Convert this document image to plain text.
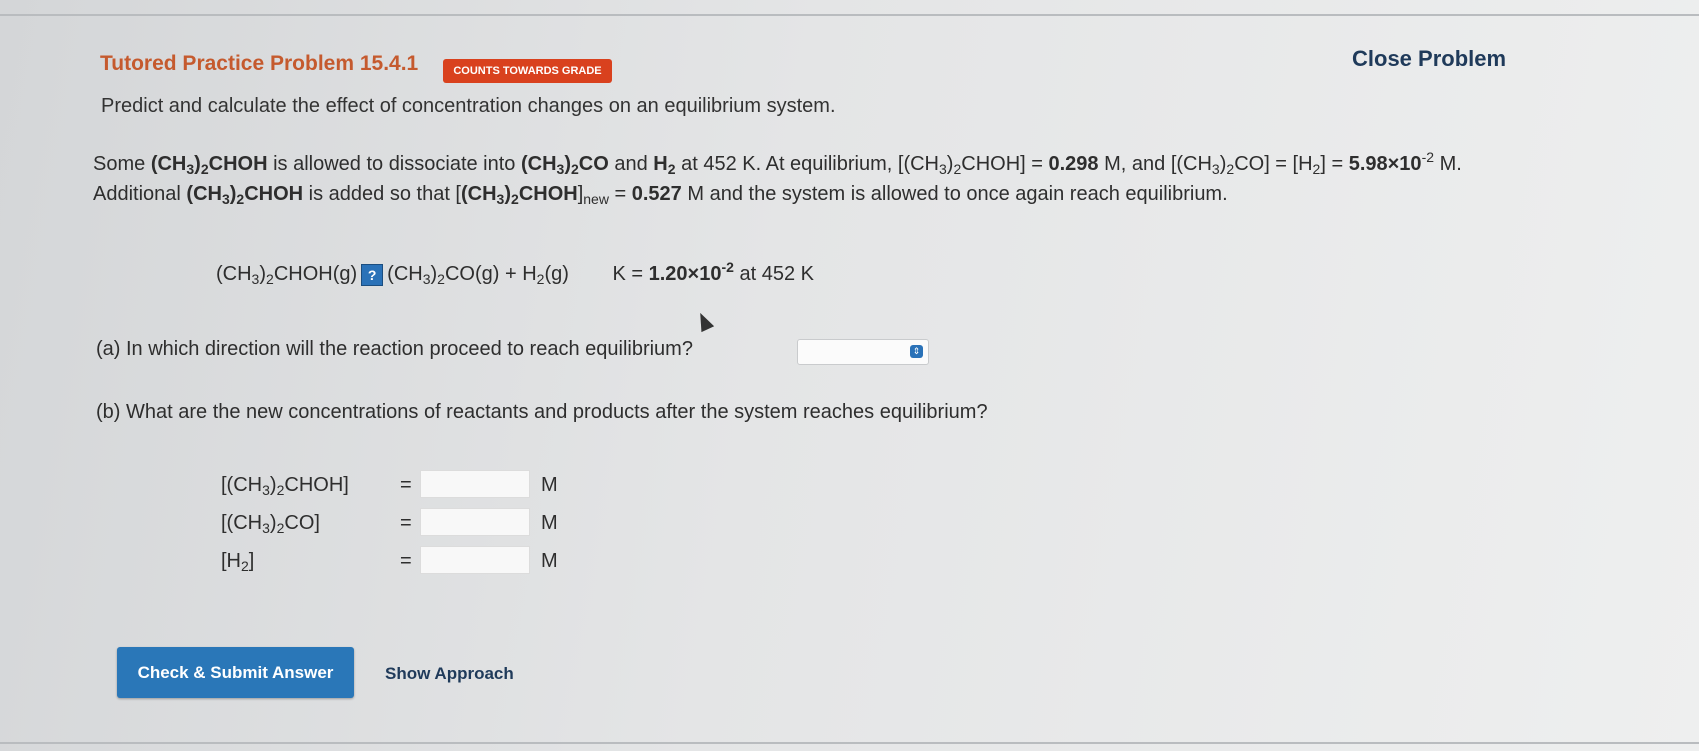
Tutored Practice Problem 15.4.1	COUNTS TOWARDS GRADE	Close Problem
Predict and calculate the effect of concentration changes on an equilibrium system.
Some $(CH_3)_2CHOH$ is allowed to dissociate into $(CH_3)_2CO$ and $H_2$ at 452 K. At equilibrium, $[(CH_3)_2CHOH] = 0.298$ M, and $[(CH_3)_2CO] = [H_2] = 5.98\times 10^{-2}$ M. Additional $(CH_3)_2CHOH$ is added so that $[(CH_3)_2CHOH]_{new} = 0.527$ M and the system is allowed to once again reach equilibrium.
$(CH_3)_2CHOH(g)$ ? $(CH_3)_2CO(g) + H_2(g) K = 1.20\times 10^{-2}$ at 452 K
(a) In which direction will the reaction proceed to reach equilibrium?	⇕
(b) What are the new concentrations of reactants and products after the system reaches equilibrium?
$[(CH_3)_2CHOH]$	=	M
$[(CH_3)_2CO]$	=	M
$[H_2]$	=	M
Check & Submit Answer	Show Approach
